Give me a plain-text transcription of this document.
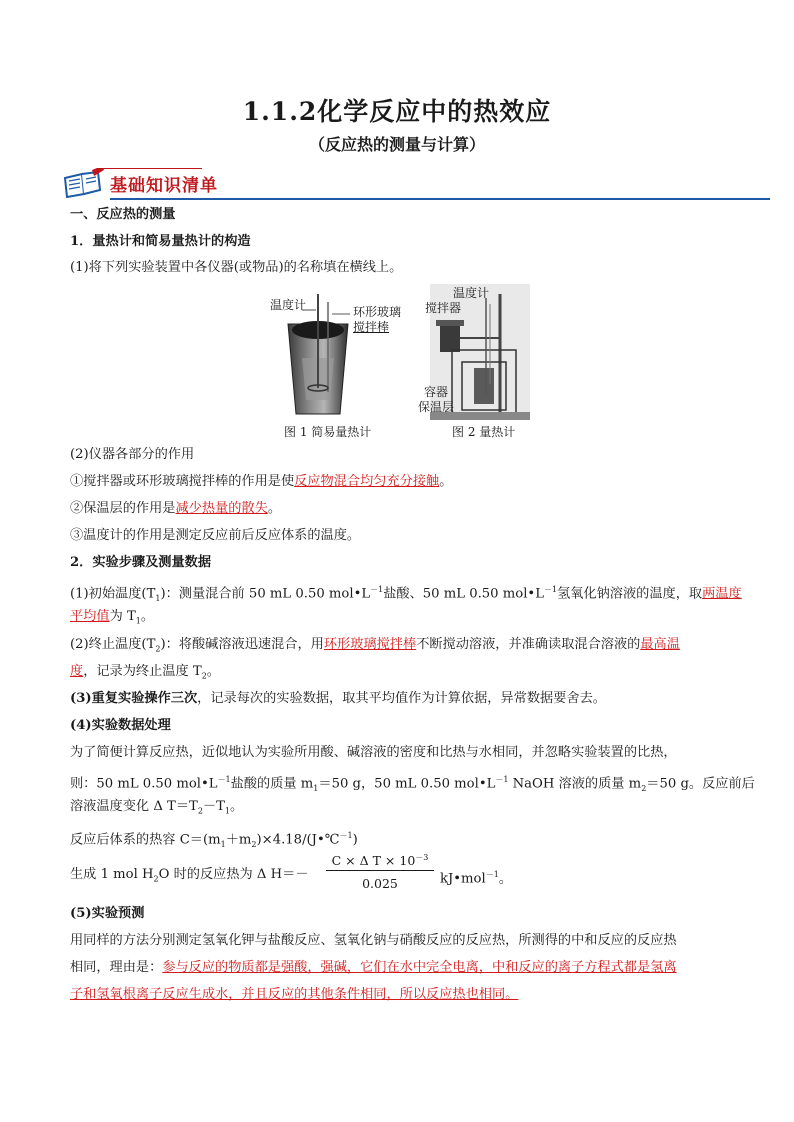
1.1.2化学反应中的热效应
（反应热的测量与计算）
基础知识清单
一、反应热的测量
1．量热计和简易量热计的构造
(1)将下列实验装置中各仪器(或物品)的名称填在横线上。
温度计	环形玻璃
搅拌棒
图 1 简易量热计
温度计
搅拌器
容器
保温层
图 2 量热计
(2)仪器各部分的作用
①搅拌器或环形玻璃搅拌棒的作用是使反应物混合均匀充分接触。
②保温层的作用是减少热量的散失。
③温度计的作用是测定反应前后反应体系的温度。
2．实验步骤及测量数据
(1)初始温度$(T_1)$：测量混合前 50 mL 0.50 $mol•L^{-1}$盐酸、50 mL 0.50 $mol•L^{-1}$氢氧化钠溶液的温度，取两温度
平均值为 $T_1$。
(2)终止温度$(T_2)$：将酸碱溶液迅速混合，用环形玻璃搅拌棒不断搅动溶液，并准确读取混合溶液的最高温
度，记录为终止温度 $T_2$。
(3)重复实验操作三次，记录每次的实验数据，取其平均值作为计算依据，异常数据要舍去。
(4)实验数据处理
为了简便计算反应热，近似地认为实验所用酸、碱溶液的密度和比热与水相同，并忽略实验装置的比热，
则：50 mL 0.50 $mol•L^{-1}$盐酸的质量 $m_1=50$ g，50 mL 0.50 $mol•L^{-1}$ NaOH 溶液的质量 $m_2=50$ g。反应前后
溶液温度变化 Δ $T=T_2-T_1$。
反应后体系的热容 $C=(m_1+m_2)\times 4.18/(J•℃^{-1})$
生成 1 mol $H_2O$ 时的反应热为 Δ H＝－
C × Δ $T \times 10^{-3}$
0.025	kJ•mol$^{-1}$。
(5)实验预测
用同样的方法分别测定氢氧化钾与盐酸反应、氢氧化钠与硝酸反应的反应热，所测得的中和反应的反应热
相同，理由是：参与反应的物质都是强酸，强碱，它们在水中完全电离，中和反应的离子方程式都是氢离
子和氢氧根离子反应生成水，并且反应的其他条件相同，所以反应热也相同。
